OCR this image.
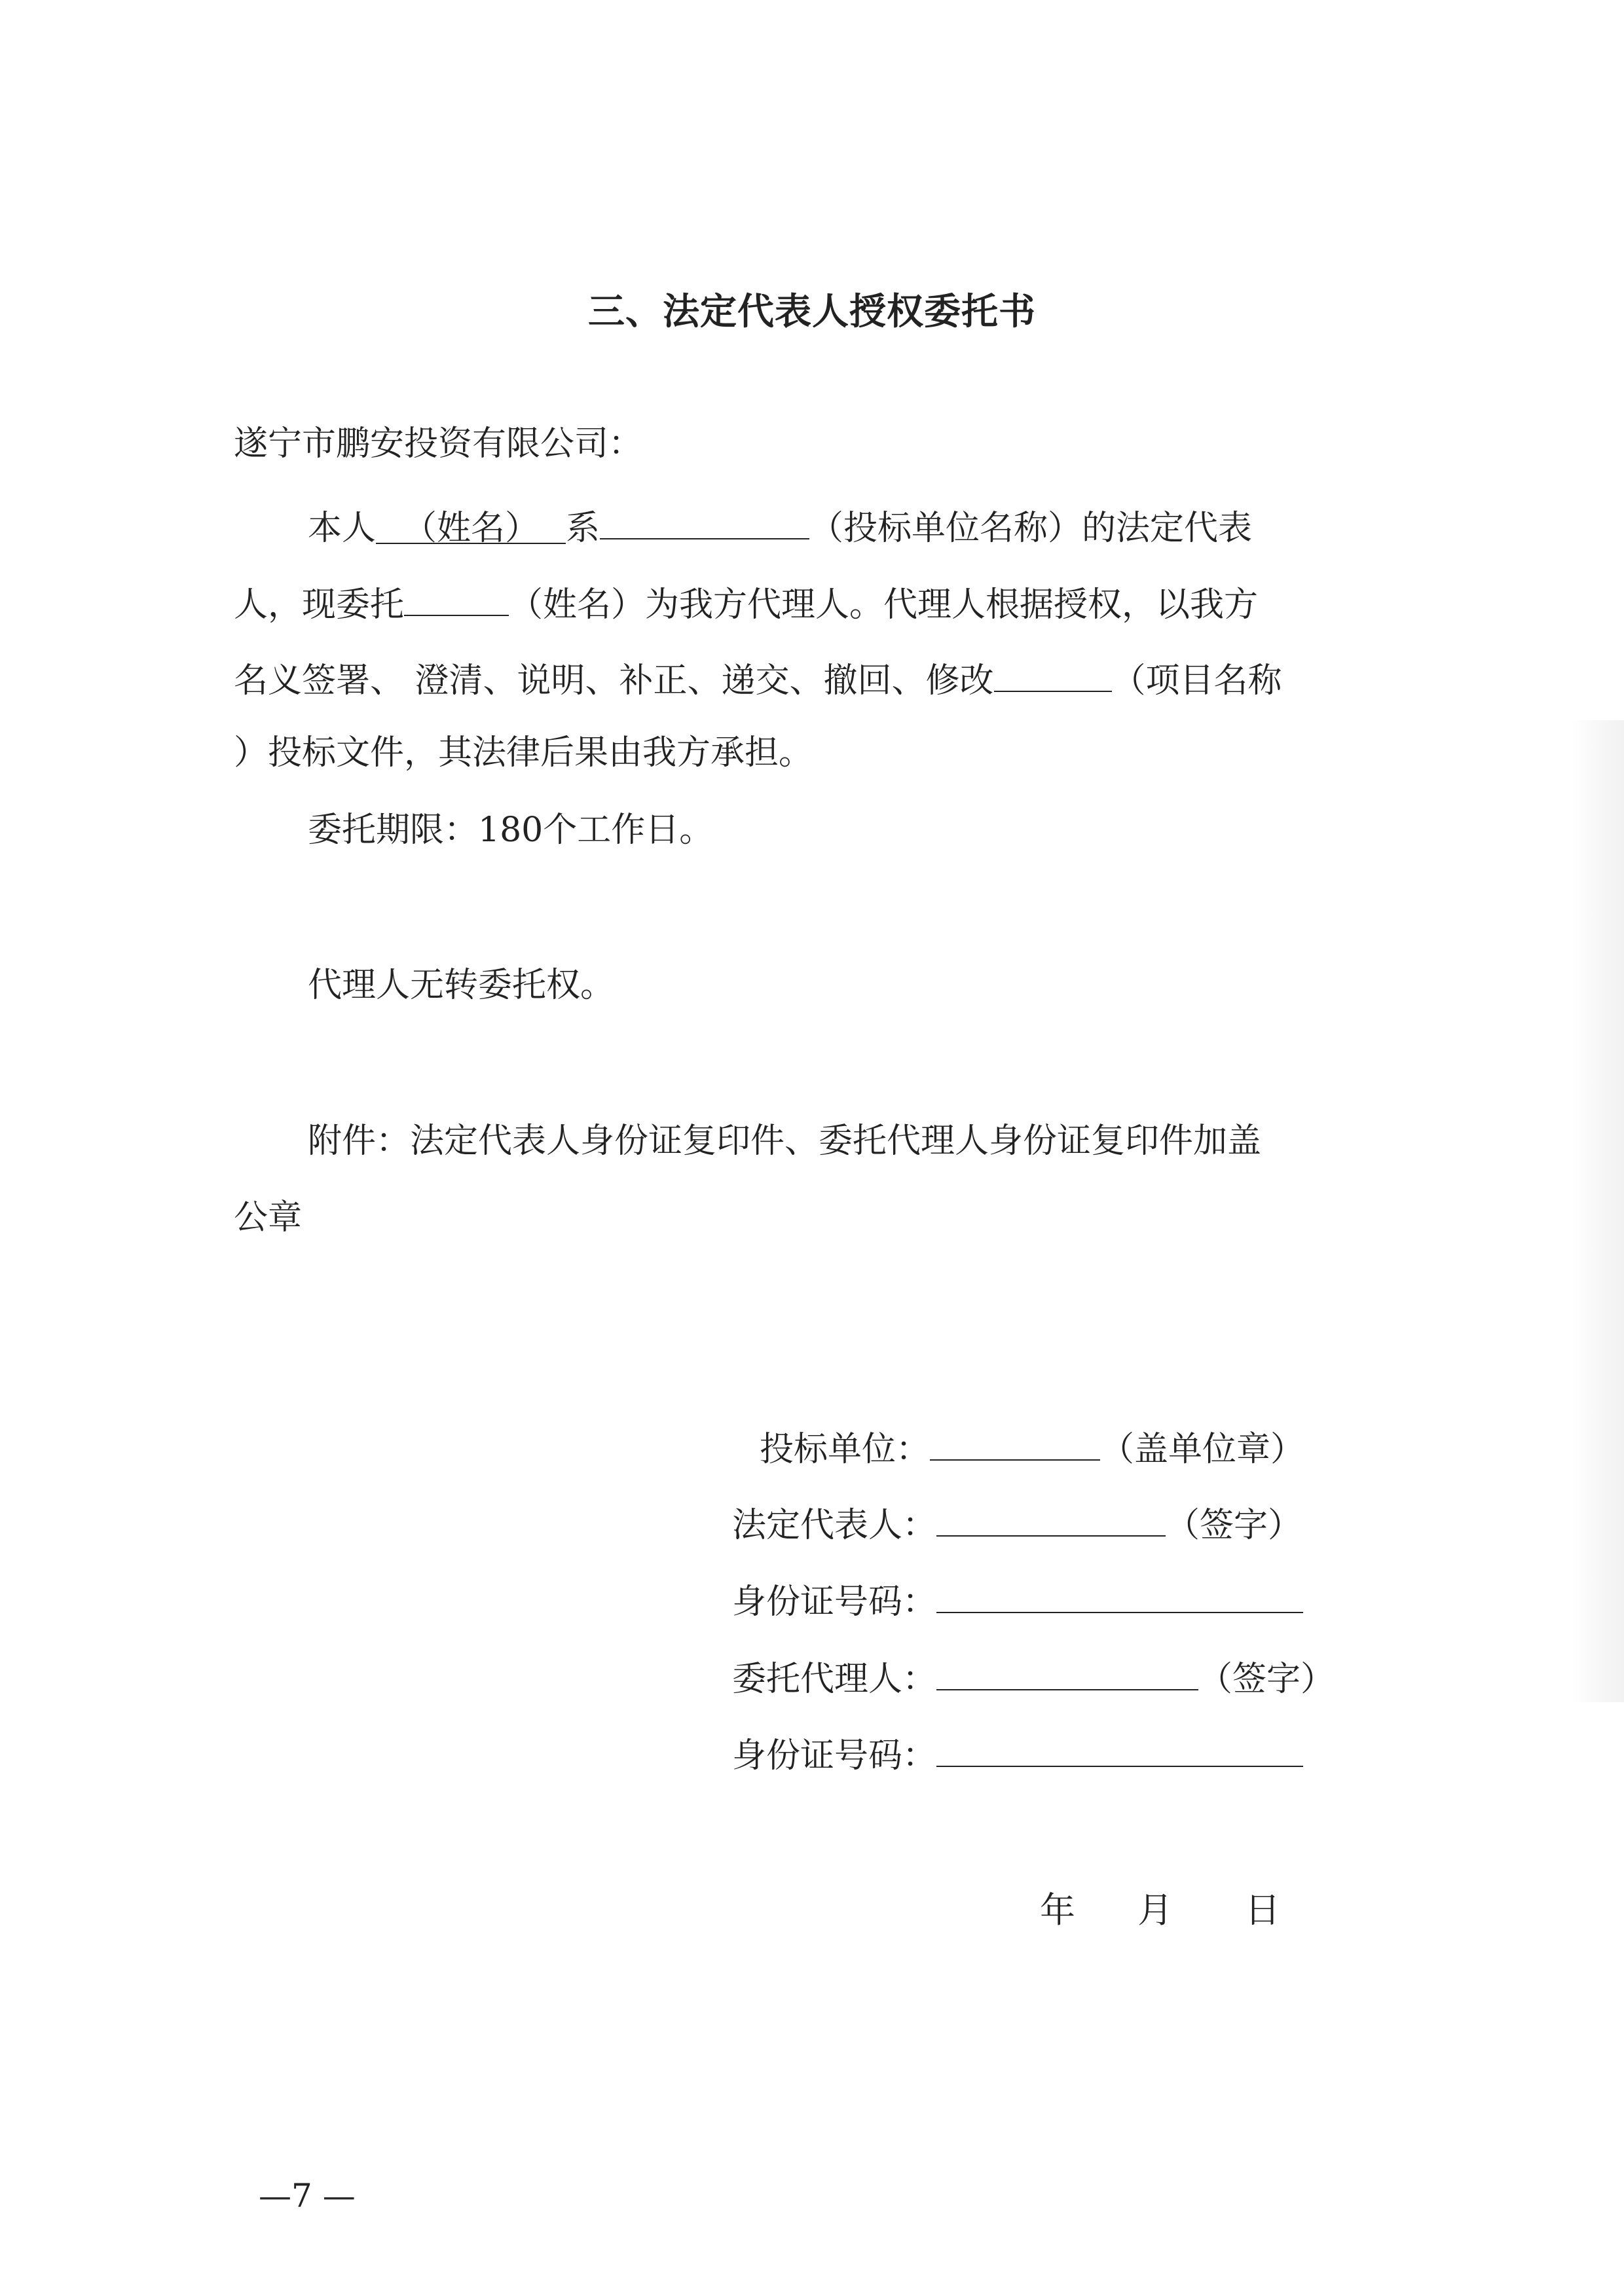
三、法定代表人授权委托书
遂宁市鹏安投资有限公司：
本人 （姓名） 系	（投标单位名称）的法定代表
人，现委托	（姓名）为我方代理人。代理人根据授权，以我方
名义签署、 澄清、说明、补正、递交、撤回、修改	（项目名称
）投标文件，其法律后果由我方承担。
委托期限：180个工作日。
代理人无转委托权。
附件：法定代表人身份证复印件、委托代理人身份证复印件加盖
公章
投标单位：	（盖单位章）
法定代表人：	（签字）
身份证号码：
委托代理人：	（签字）
身份证号码：
年 月 日
—7 —
